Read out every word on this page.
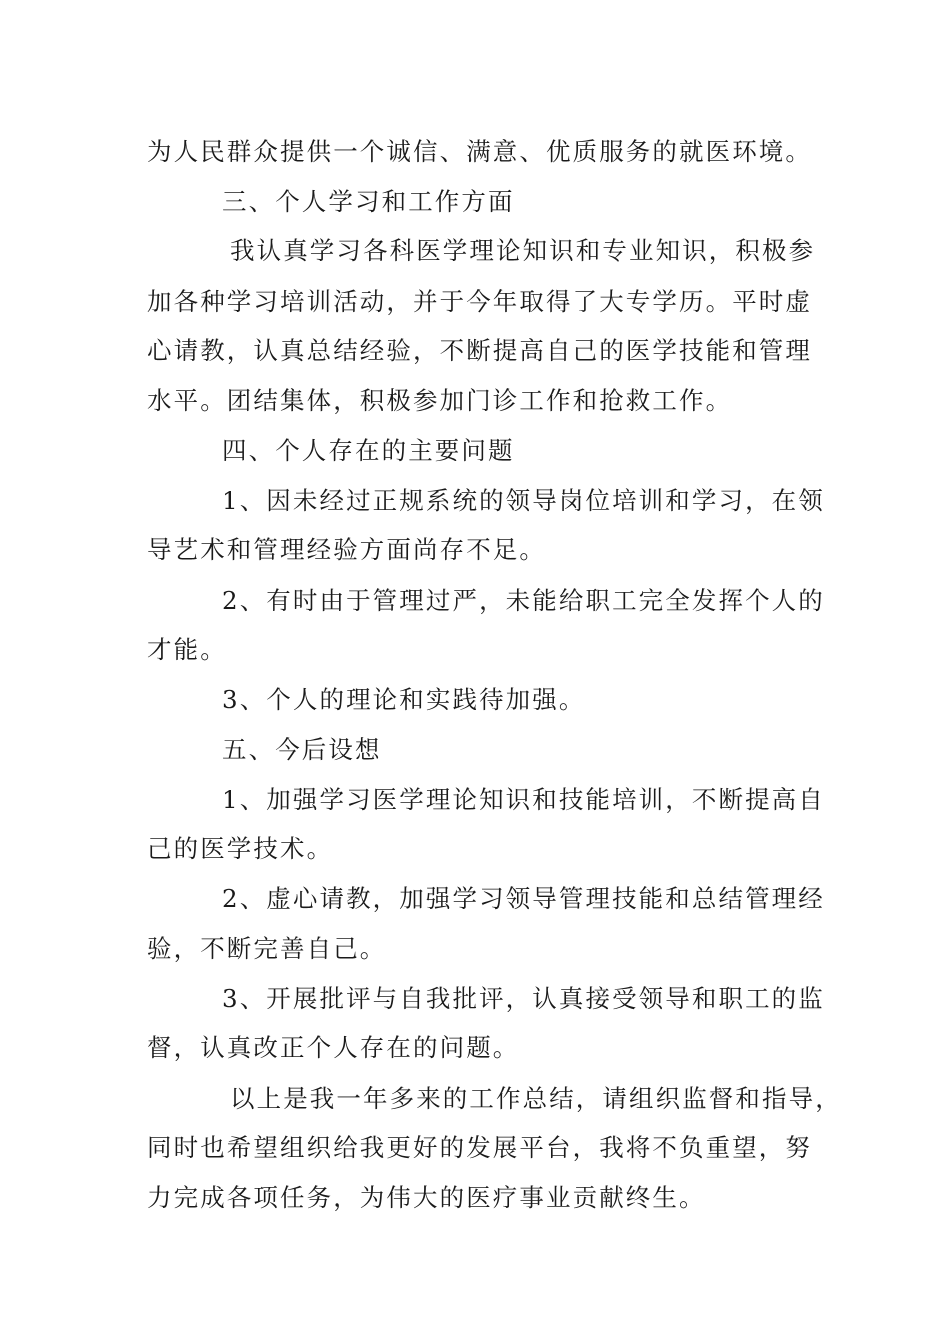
为人民群众提供一个诚信、满意、优质服务的就医环境。
三、个人学习和工作方面
我认真学习各科医学理论知识和专业知识，积极参
加各种学习培训活动，并于今年取得了大专学历。平时虚
心请教，认真总结经验，不断提高自己的医学技能和管理
水平。团结集体，积极参加门诊工作和抢救工作。
四、个人存在的主要问题
1、因未经过正规系统的领导岗位培训和学习，在领
导艺术和管理经验方面尚存不足。
2、有时由于管理过严，未能给职工完全发挥个人的
才能。
3、个人的理论和实践待加强。
五、今后设想
1、加强学习医学理论知识和技能培训，不断提高自
己的医学技术。
2、虚心请教，加强学习领导管理技能和总结管理经
验，不断完善自己。
3、开展批评与自我批评，认真接受领导和职工的监
督，认真改正个人存在的问题。
以上是我一年多来的工作总结，请组织监督和指导，
同时也希望组织给我更好的发展平台，我将不负重望，努
力完成各项任务，为伟大的医疗事业贡献终生。
